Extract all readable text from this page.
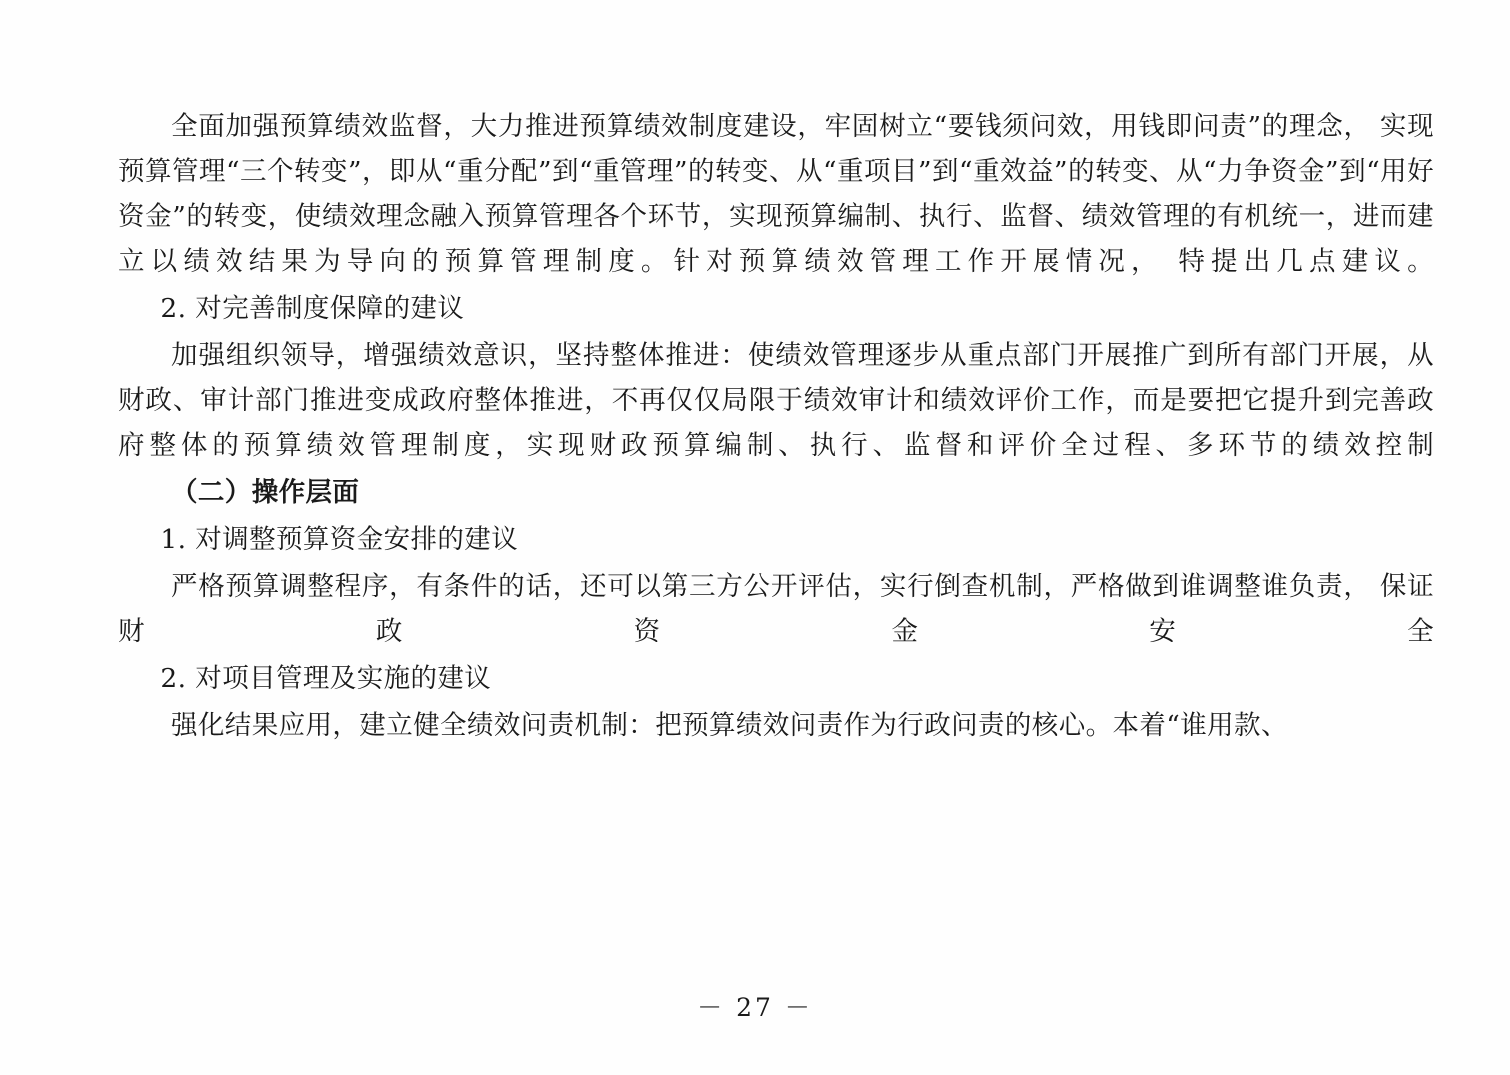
全面加强预算绩效监督，大力推进预算绩效制度建设，牢固树立“要钱须问效，用钱即问责”的理念， 实现预算管理“三个转变”，即从“重分配”到“重管理”的转变、从“重项目”到“重效益”的转变、从“力争资金”到“用好资金”的转变，使绩效理念融入预算管理各个环节，实现预算编制、执行、监督、绩效管理的有机统一，进而建立以绩效结果为导向的预算管理制度。针对预算绩效管理工作开展情况， 特提出几点建议。

2. 对完善制度保障的建议

加强组织领导，增强绩效意识，坚持整体推进：使绩效管理逐步从重点部门开展推广到所有部门开展，从财政、审计部门推进变成政府整体推进，不再仅仅局限于绩效审计和绩效评价工作，而是要把它提升到完善政府整体的预算绩效管理制度，实现财政预算编制、执行、监督和评价全过程、多环节的绩效控制

（二）操作层面

1. 对调整预算资金安排的建议

严格预算调整程序，有条件的话，还可以第三方公开评估，实行倒查机制，严格做到谁调整谁负责， 保证财政资金安全

2. 对项目管理及实施的建议

强化结果应用，建立健全绩效问责机制：把预算绩效问责作为行政问责的核心。本着“谁用款、

－ 27 －
